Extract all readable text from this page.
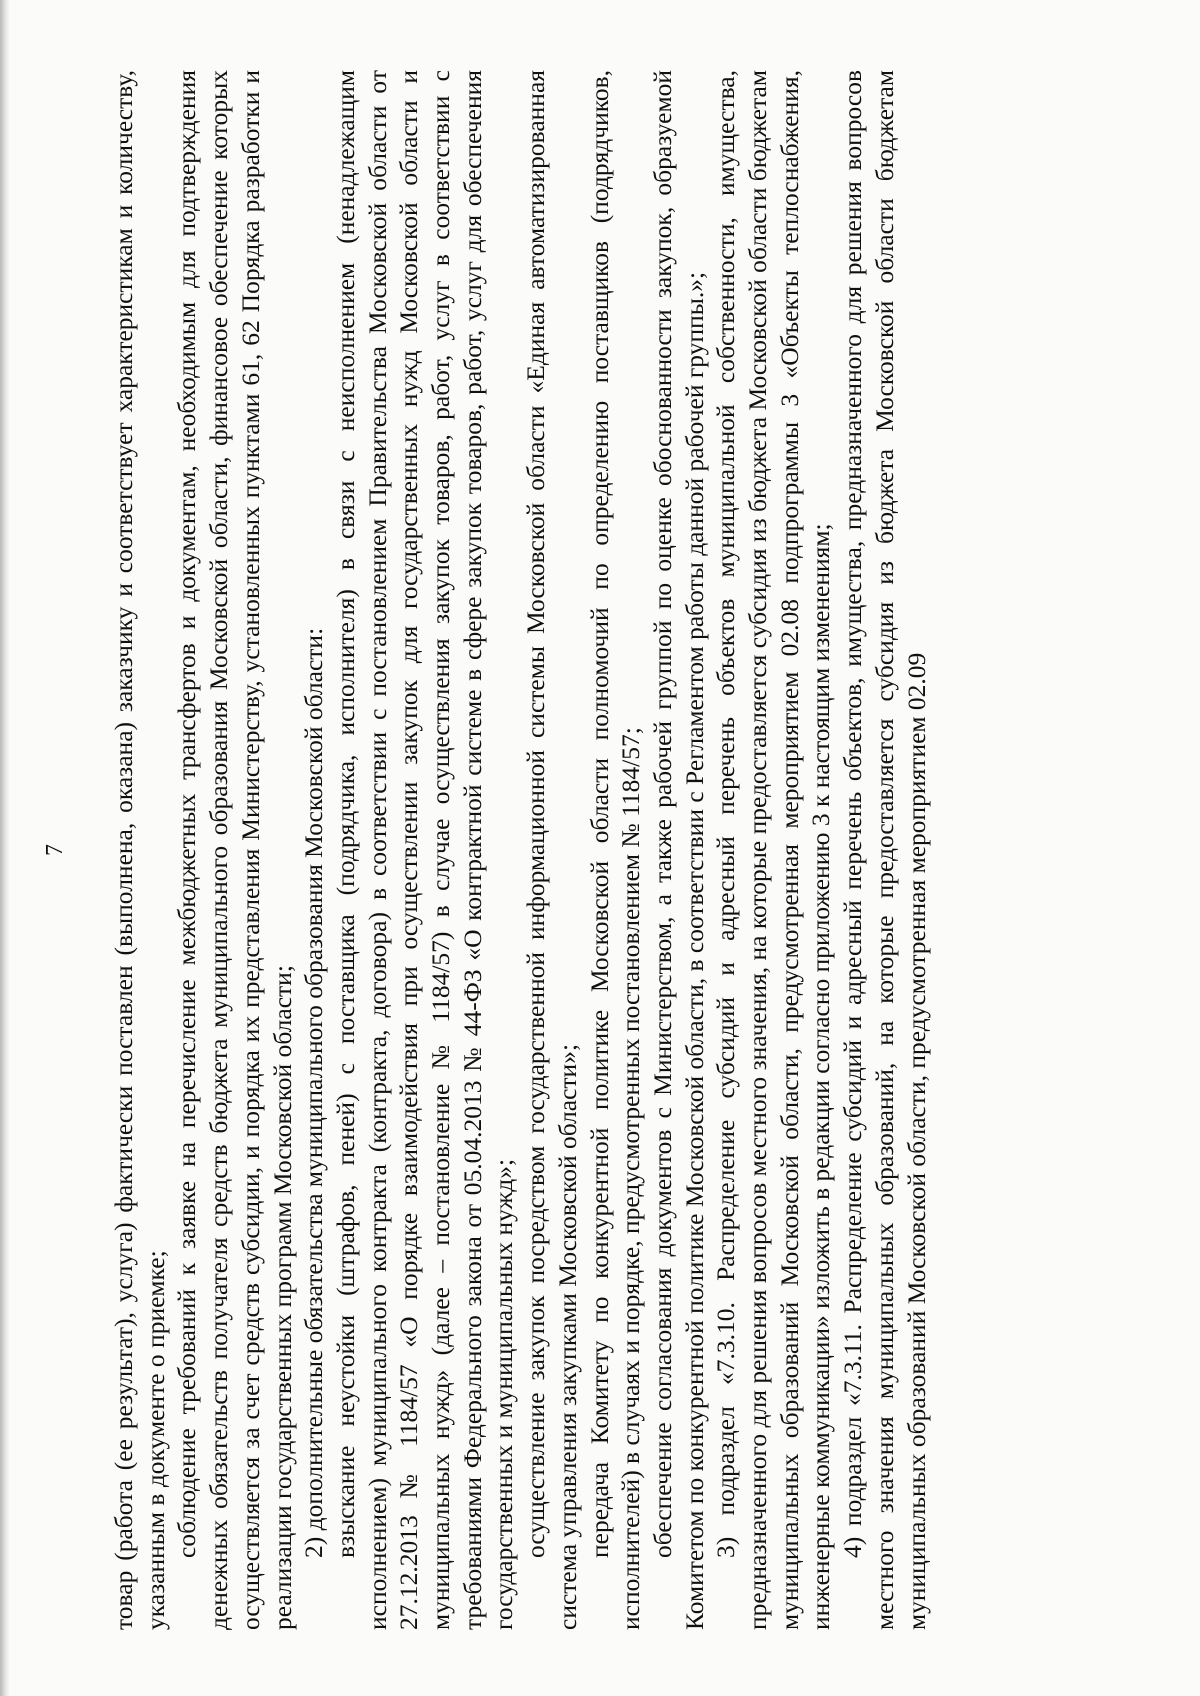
7 товар (работа (ее результат), услуга) фактически поставлен (выполнена, оказана) заказчику и соответствует характеристикам и количеству, указанным в документе о приемке; соблюдение требований к заявке на перечисление межбюджетных трансфертов и документам, необходимым для подтверждения денежных обязательств получателя средств бюджета муниципального образования Московской области, финансовое обеспечение которых осуществляется за счет средств субсидии, и порядка их представления Министерству, установленных пунктами 61, 62 Порядка разработки и реализации государственных программ Московской области; 2) дополнительные обязательства муниципального образования Московской области: взыскание неустойки (штрафов, пеней) с поставщика (подрядчика, исполнителя) в связи с неисполнением (ненадлежащим исполнением) муниципального контракта (контракта, договора) в соответствии с постановлением Правительства Московской области от 27.12.2013 № 1184/57 «О порядке взаимодействия при осуществлении закупок для государственных нужд Московской области и муниципальных нужд» (далее – постановление № 1184/57) в случае осуществления закупок товаров, работ, услуг в соответствии с требованиями Федерального закона от 05.04.2013 № 44-ФЗ «О контрактной системе в сфере закупок товаров, работ, услуг для обеспечения государственных и муниципальных нужд»; осуществление закупок посредством государственной информационной системы Московской области «Единая автоматизированная система управления закупками Московской области»; передача Комитету по конкурентной политике Московской области полномочий по определению поставщиков (подрядчиков, исполнителей) в случаях и порядке, предусмотренных постановлением № 1184/57; обеспечение согласования документов с Министерством, а также рабочей группой по оценке обоснованности закупок, образуемой Комитетом по конкурентной политике Московской области, в соответствии с Регламентом работы данной рабочей группы.»; 3) подраздел «7.3.10. Распределение субсидий и адресный перечень объектов муниципальной собственности, имущества, предназначенного для решения вопросов местного значения, на которые предоставляется субсидия из бюджета Московской области бюджетам муниципальных образований Московской области, предусмотренная мероприятием 02.08 подпрограммы 3 «Объекты теплоснабжения, инженерные коммуникации» изложить в редакции согласно приложению 3 к настоящим изменениям; 4) подраздел «7.3.11. Распределение субсидий и адресный перечень объектов, имущества, предназначенного для решения вопросов местного значения муниципальных образований, на которые предоставляется субсидия из бюджета Московской области бюджетам муниципальных образований Московской области, предусмотренная мероприятием 02.09
